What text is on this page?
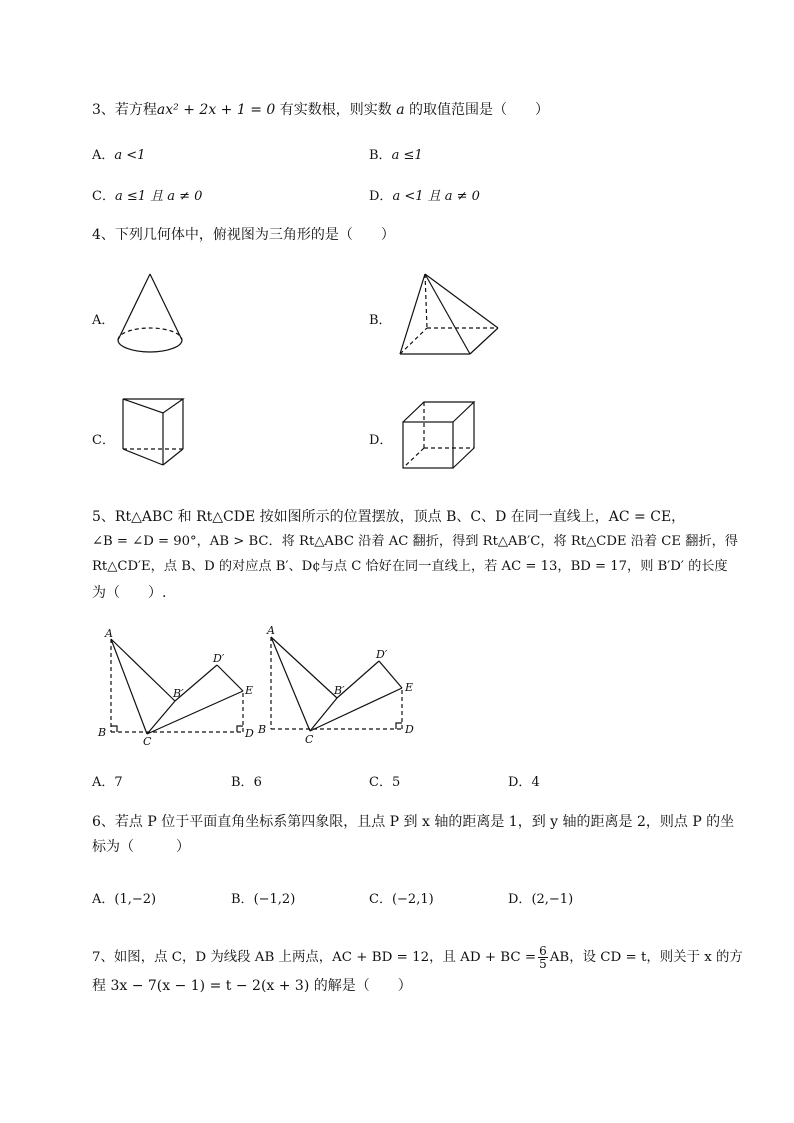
3、若方程ax² + 2x + 1 = 0 有实数根，则实数 a 的取值范围是（　　）
A．a <1	B．a ≤1
C．a ≤1 且 a ≠ 0	D．a <1 且 a ≠ 0
4、下列几何体中，俯视图为三角形的是（　　）
A．	B．
C．	D．
5、Rt△ABC 和 Rt△CDE 按如图所示的位置摆放，顶点 B、C、D 在同一直线上，AC = CE，
∠B = ∠D = 90°，AB > BC．将 Rt△ABC 沿着 AC 翻折，得到 Rt△AB′C，将 Rt△CDE 沿着 CE 翻折，得
Rt△CD′E，点 B、D 的对应点 B′、D¢与点 C 恰好在同一直线上，若 AC = 13，BD = 17，则 B′D′ 的长度
为（　　）.
A
B
C
D
E
B′
D′
A
B
C
D
E
B′
D′
A．7	B．6	C．5	D．4
6、若点 P 位于平面直角坐标系第四象限，且点 P 到 x 轴的距离是 1，到 y 轴的距离是 2，则点 P 的坐
标为（　　　）
A．(1,−2)	B．(−1,2)	C．(−2,1)	D．(2,−1)
7、如图，点 C，D 为线段 AB 上两点，AC + BD = 12，且 AD + BC = $\frac{6}{5}$ AB，设 CD = t，则关于 x 的方
程 3x − 7(x − 1) = t − 2(x + 3) 的解是（　　）
